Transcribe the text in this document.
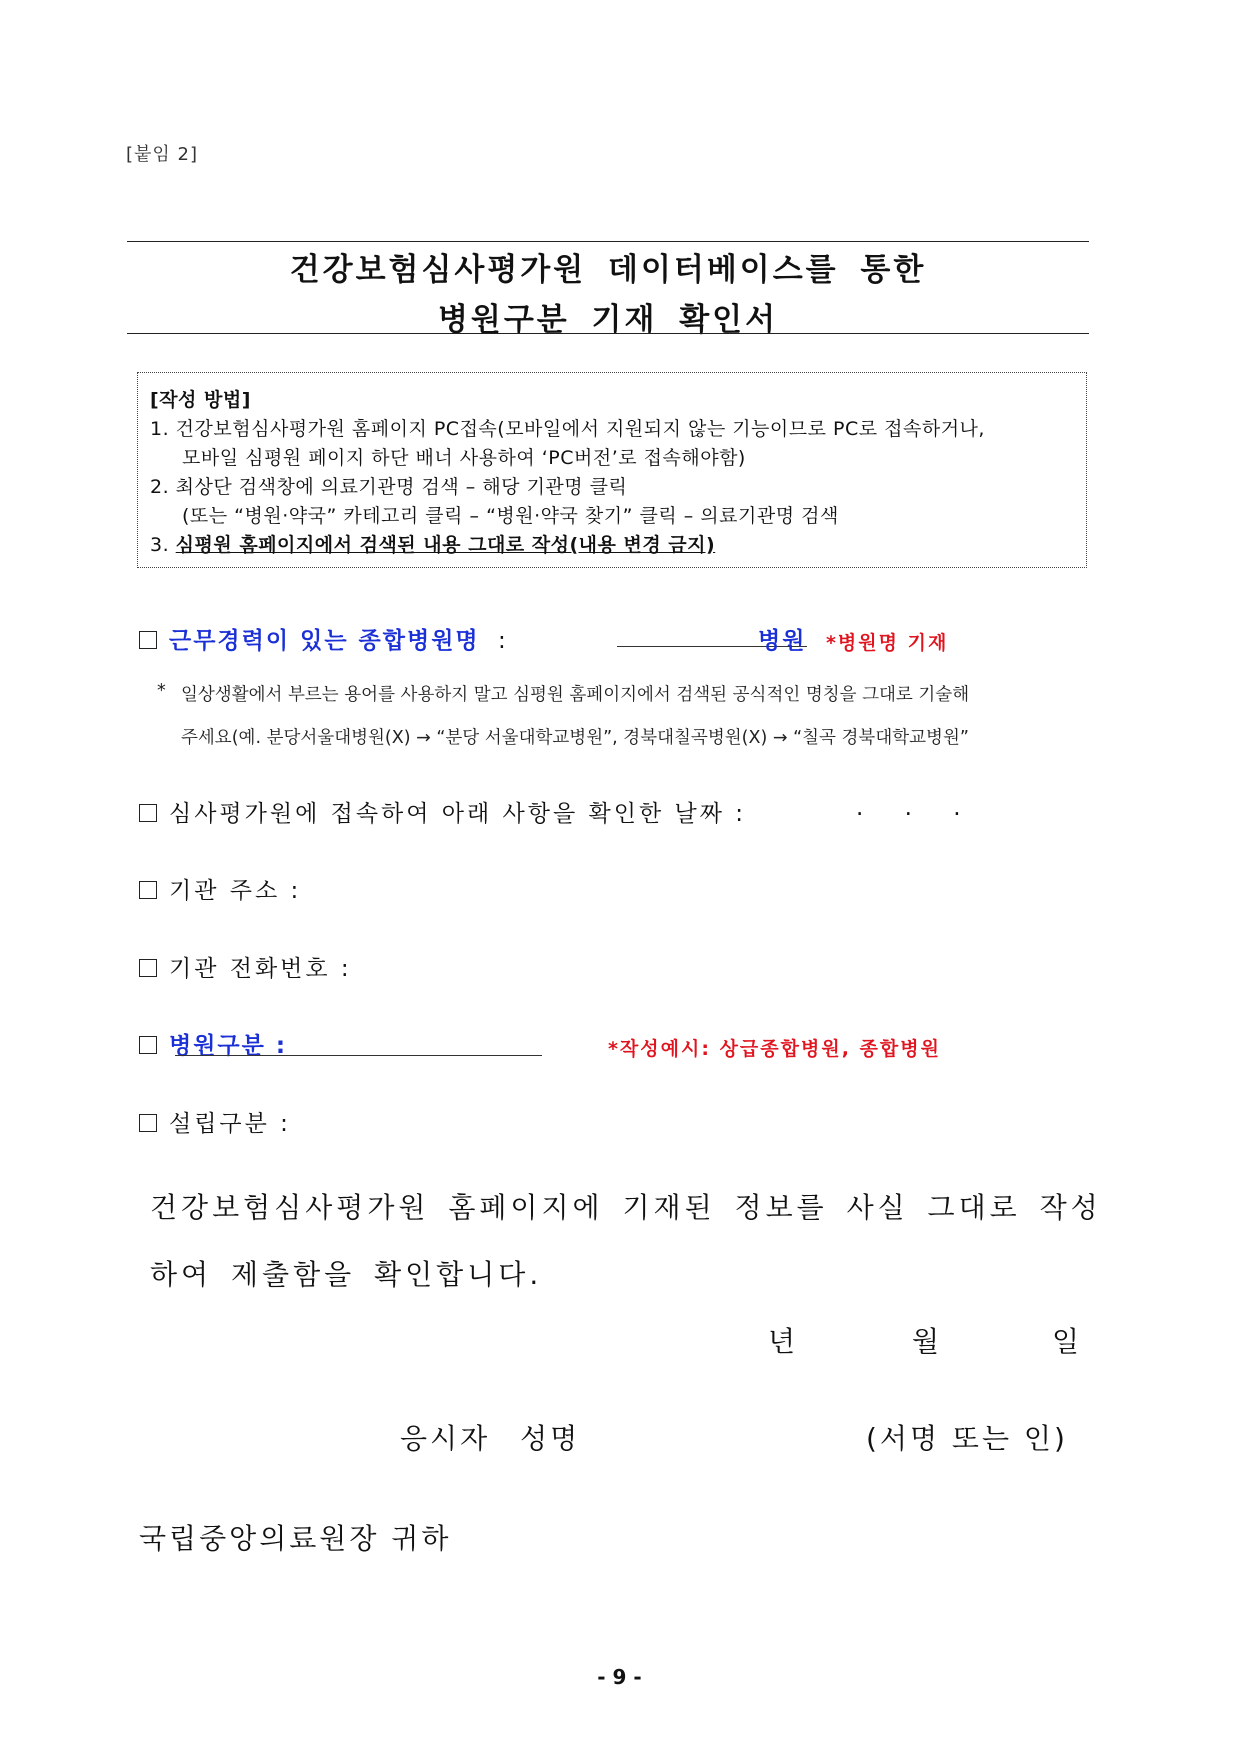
[붙임 2]
건강보험심사평가원 데이터베이스를 통한
병원구분 기재 확인서
[작성 방법]
1. 건강보험심사평가원 홈페이지 PC접속(모바일에서 지원되지 않는 기능이므로 PC로 접속하거나,
모바일 심평원 페이지 하단 배너 사용하여 ‘PC버전’로 접속해야함)
2. 최상단 검색창에 의료기관명 검색 – 해당 기관명 클릭
(또는 “병원·약국” 카테고리 클릭 – “병원·약국 찾기” 클릭 – 의료기관명 검색
3. 심평원 홈페이지에서 검색된 내용 그대로 작성(내용 변경 금지)
근무경력이 있는 종합병원명 :	병원 *병원명 기재
* 일상생활에서 부르는 용어를 사용하지 말고 심평원 홈페이지에서 검색된 공식적인 명칭을 그대로 기술해
주세요(예. 분당서울대병원(X) → “분당 서울대학교병원”, 경북대칠곡병원(X) → “칠곡 경북대학교병원”
심사평가원에 접속하여 아래 사항을 확인한 날짜 :	. . .
기관 주소 :
기관 전화번호 :
병원구분 :	*작성예시: 상급종합병원, 종합병원
설립구분 :
건강보험심사평가원 홈페이지에 기재된 정보를 사실 그대로 작성
하여 제출함을 확인합니다.
년	월	일
응시자 성명	(서명 또는 인)
국립중앙의료원장 귀하
- 9 -
